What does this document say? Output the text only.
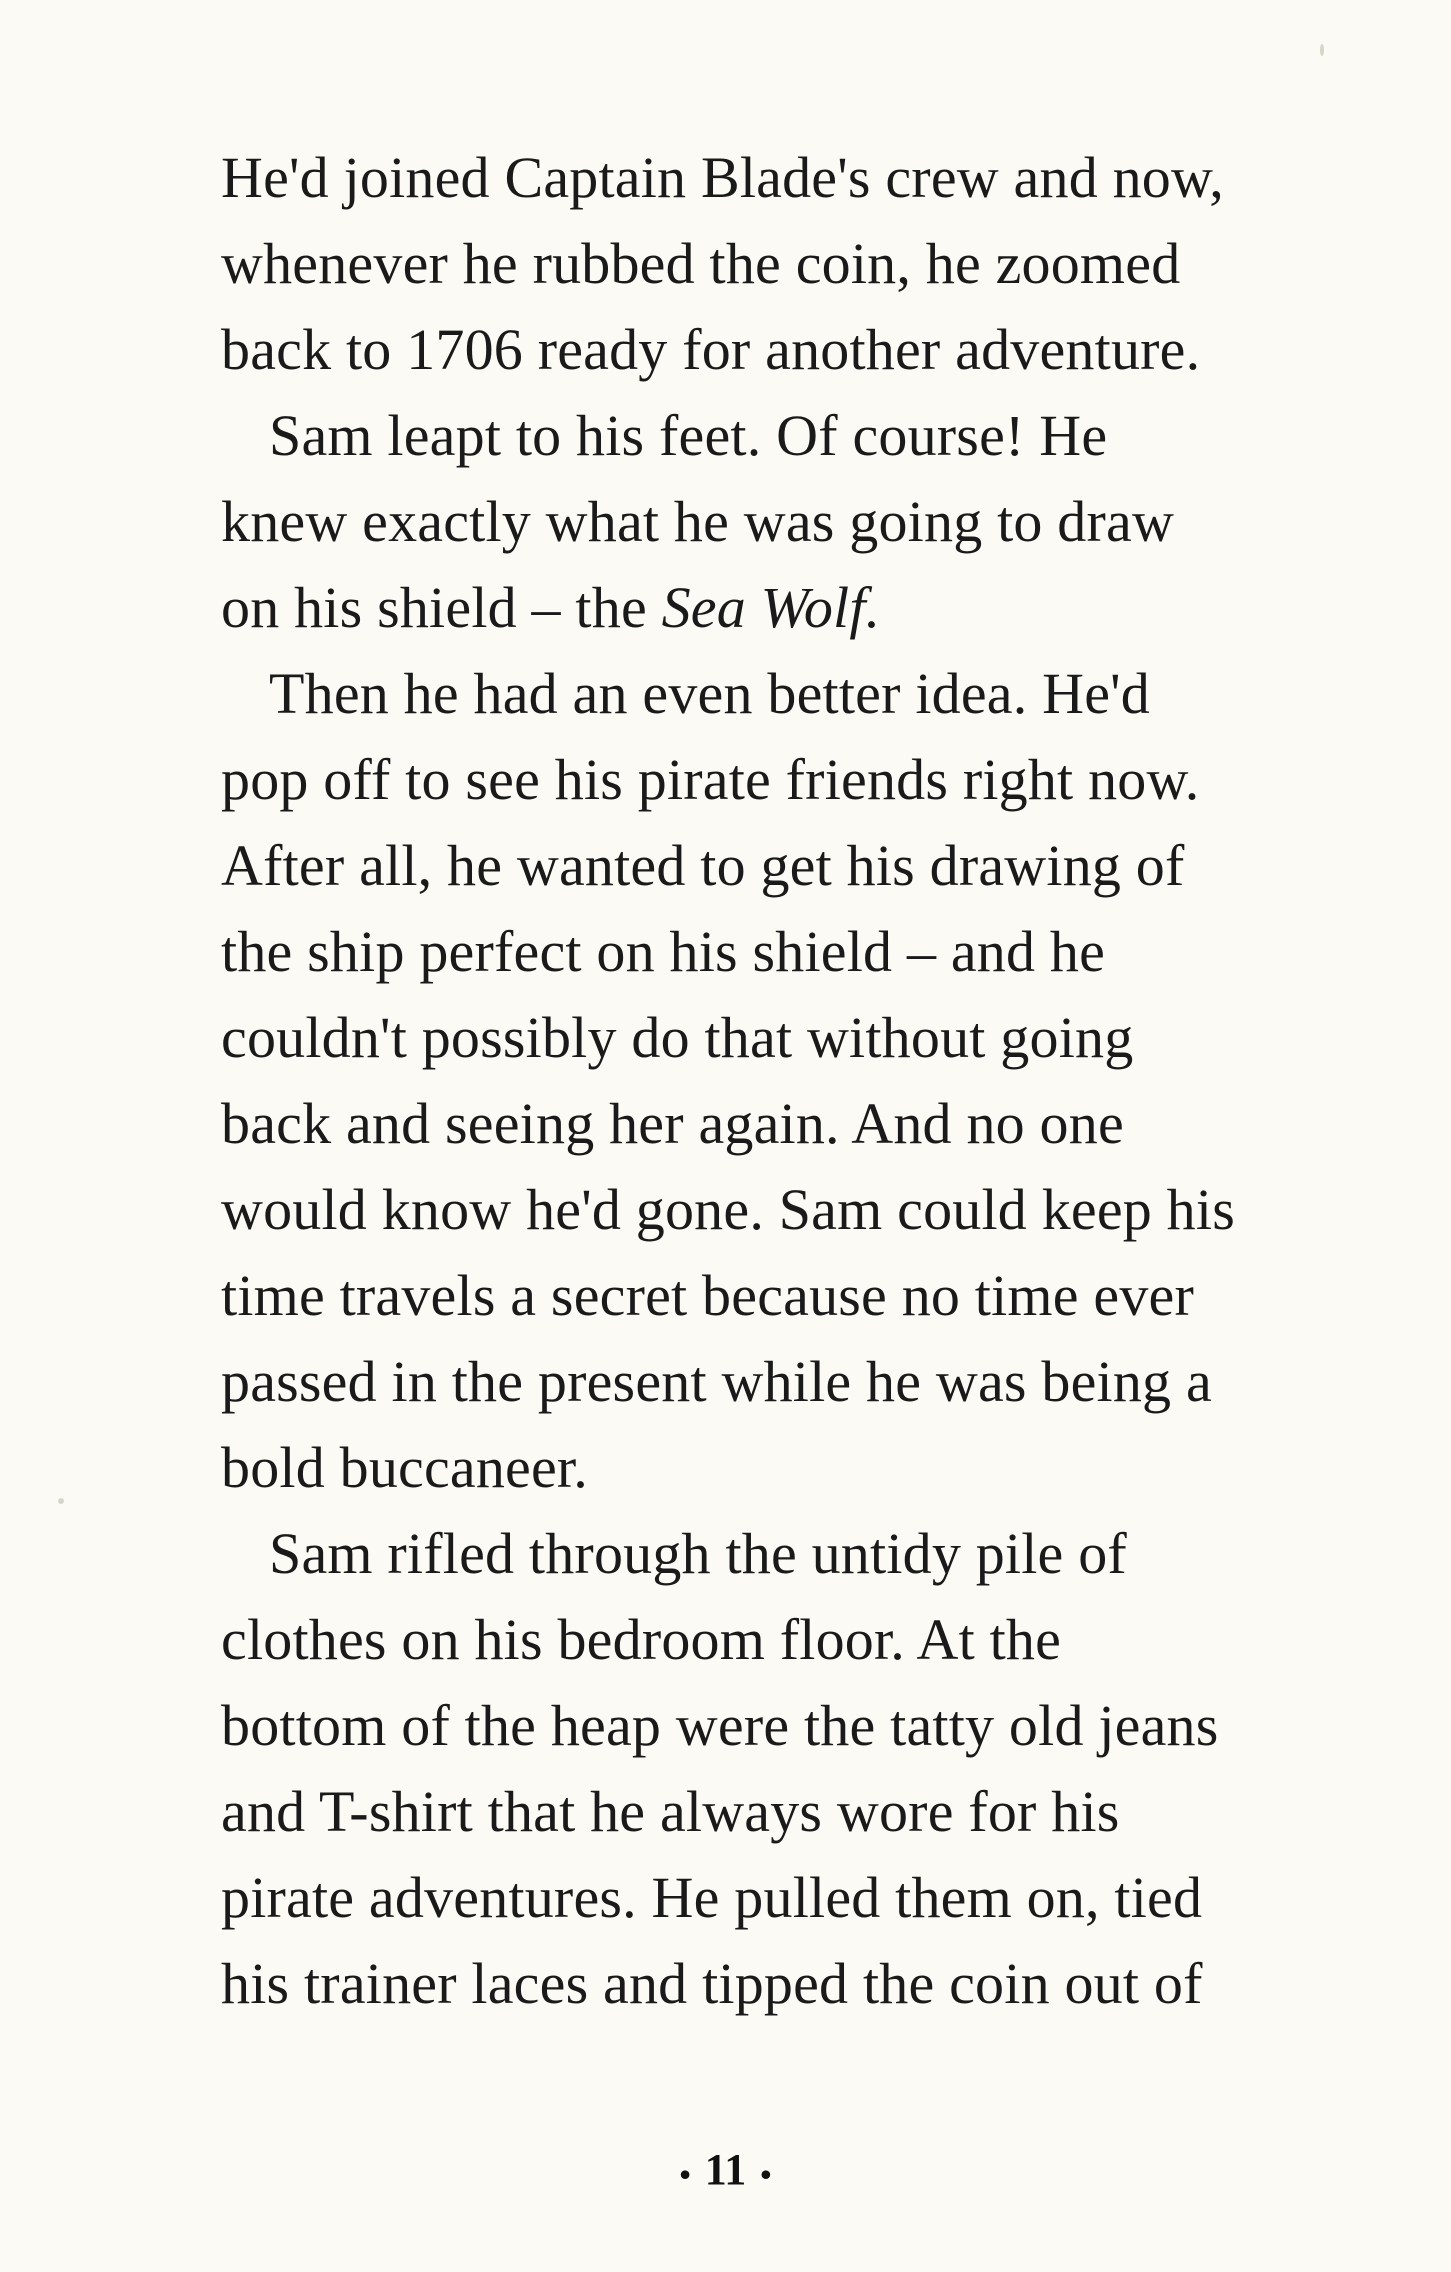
He'd joined Captain Blade's crew and now,
whenever he rubbed the coin, he zoomed
back to 1706 ready for another adventure.
Sam leapt to his feet. Of course! He
knew exactly what he was going to draw
on his shield – the Sea Wolf.
Then he had an even better idea. He'd
pop off to see his pirate friends right now.
After all, he wanted to get his drawing of
the ship perfect on his shield – and he
couldn't possibly do that without going
back and seeing her again. And no one
would know he'd gone. Sam could keep his
time travels a secret because no time ever
passed in the present while he was being a
bold buccaneer.
Sam rifled through the untidy pile of
clothes on his bedroom floor. At the
bottom of the heap were the tatty old jeans
and T-shirt that he always wore for his
pirate adventures. He pulled them on, tied
his trainer laces and tipped the coin out of
• 11 •
